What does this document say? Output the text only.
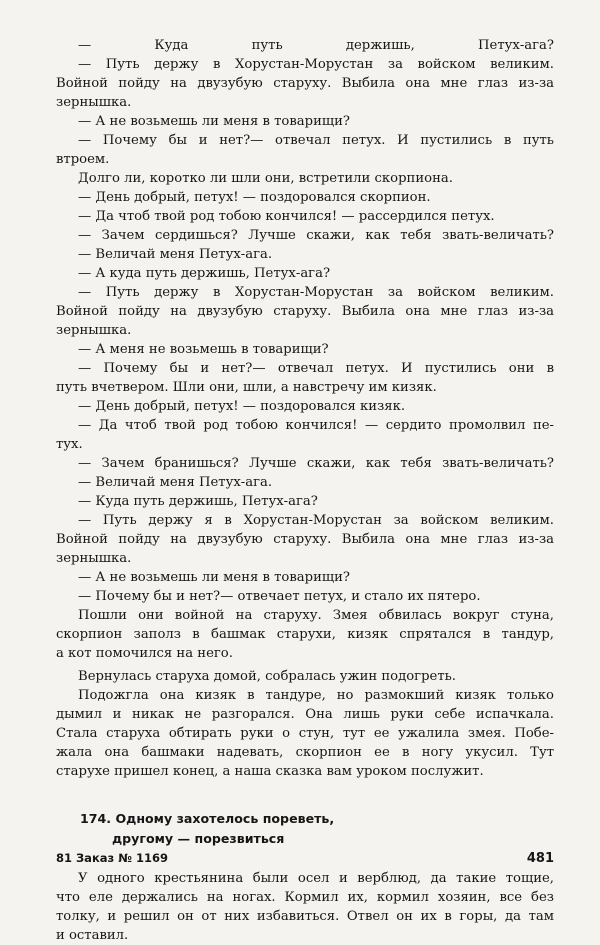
— Куда путь держишь, Петух-ага?
— Путь держу в Хорустан-Морустан за войском великим.
Войной пойду на двузубую старуху. Выбила она мне глаз из-за
зернышка.
— А не возьмешь ли меня в товарищи?
— Почему бы и нет?— отвечал петух. И пустились в путь
втроем.
Долго ли, коротко ли шли они, встретили скорпиона.
— День добрый, петух! — поздоровался скорпион.
— Да чтоб твой род тобою кончился! — рассердился петух.
— Зачем сердишься? Лучше скажи, как тебя звать-величать?
— Величай меня Петух-ага.
— А куда путь держишь, Петух-ага?
— Путь держу в Хорустан-Морустан за войском великим.
Войной пойду на двузубую старуху. Выбила она мне глаз из-за
зернышка.
— А меня не возьмешь в товарищи?
— Почему бы и нет?— отвечал петух. И пустились они в
путь вчетвером. Шли они, шли, а навстречу им кизяк.
— День добрый, петух! — поздоровался кизяк.
— Да чтоб твой род тобою кончился! — сердито промолвил пе-
тух.
— Зачем бранишься? Лучше скажи, как тебя звать-величать?
— Величай меня Петух-ага.
— Куда путь держишь, Петух-ага?
— Путь держу я в Хорустан-Морустан за войском великим.
Войной пойду на двузубую старуху. Выбила она мне глаз из-за
зернышка.
— А не возьмешь ли меня в товарищи?
— Почему бы и нет?— отвечает петух, и стало их пятеро.
Пошли они войной на старуху. Змея обвилась вокруг стуна,
скорпион заполз в башмак старухи, кизяк спрятался в тандур,
а кот помочился на него.
Вернулась старуха домой, собралась ужин подогреть.
Подожгла она кизяк в тандуре, но размокший кизяк только
дымил и никак не разгорался. Она лишь руки себе испачкала.
Стала старуха обтирать руки о стун, тут ее ужалила змея. Побе-
жала она башмаки надевать, скорпион ее в ногу укусил. Тут
старухе пришел конец, а наша сказка вам уроком послужит.
174. Одному захотелось пореветь,
другому — порезвиться
У одного крестьянина были осел и верблюд, да такие тощие,
что еле держались на ногах. Кормил их, кормил хозяин, все без
толку, и решил он от них избавиться. Отвел он их в горы, да там
и оставил.
81 Заказ № 1169	481
